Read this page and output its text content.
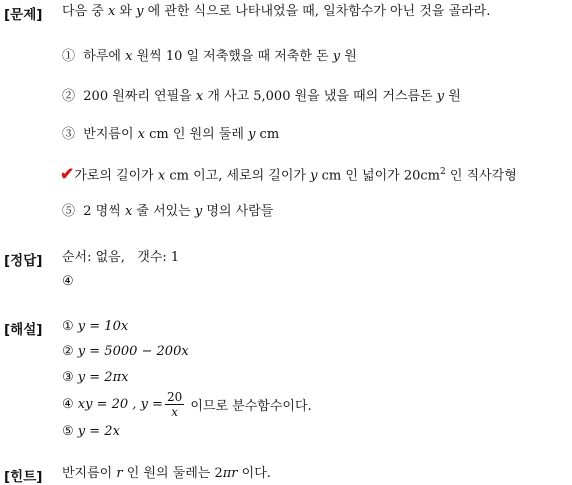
[문제] 다음 중 x 와 y 에 관한 식으로 나타내었을 때, 일차함수가 아닌 것을 골라라.
① 하루에 x 원씩 10 일 저축했을 때 저축한 돈 y 원
② 200 원짜리 연필을 x 개 사고 5,000 원을 냈을 때의 거스름돈 y 원
③ 반지름이 x cm 인 원의 둘레 y cm
✔가로의 길이가 x cm 이고, 세로의 길이가 y cm 인 넓이가 $20cm^2$ 인 직사각형
⑤ 2 명씩 x 줄 서있는 y 명의 사람들
[정답] 순서: 없음,   갯수: 1
④
[해설] ① y = 10x
② y = 5000 − 200x
③ y = 2πx
④
xy = 20 , $y = \frac{20}{x}$ 이므로 분수함수이다.
⑤ y = 2x
[힌트] 반지름이 r 인 원의 둘레는 2πr 이다.
